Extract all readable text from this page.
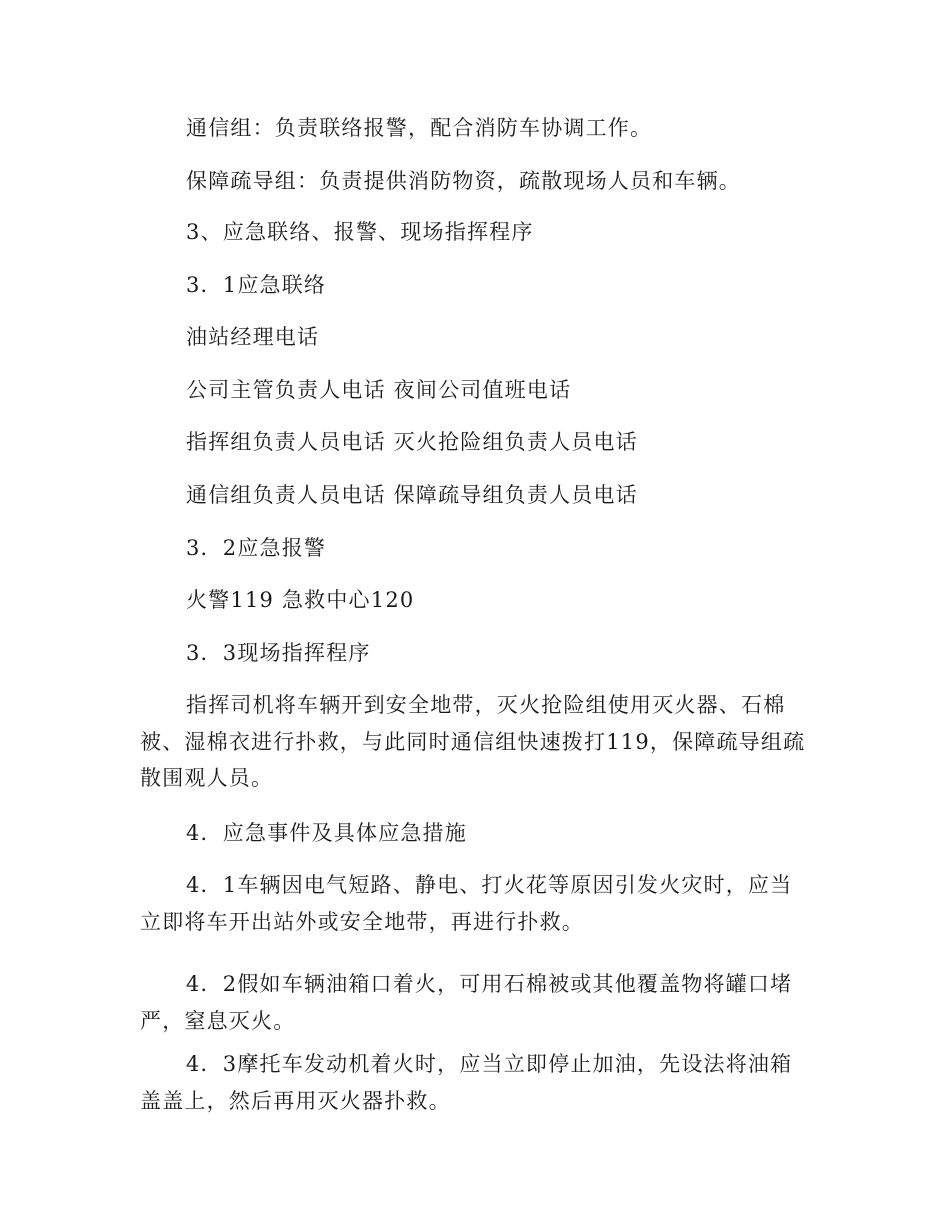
通信组：负责联络报警，配合消防车协调工作。
保障疏导组：负责提供消防物资，疏散现场人员和车辆。
3、应急联络、报警、现场指挥程序
3．1应急联络
油站经理电话
公司主管负责人电话 夜间公司值班电话
指挥组负责人员电话 灭火抢险组负责人员电话
通信组负责人员电话 保障疏导组负责人员电话
3．2应急报警
火警119 急救中心120
3．3现场指挥程序
指挥司机将车辆开到安全地带，灭火抢险组使用灭火器、石棉被、湿棉衣进行扑救，与此同时通信组快速拨打119，保障疏导组疏散围观人员。
4．应急事件及具体应急措施
4．1车辆因电气短路、静电、打火花等原因引发火灾时，应当立即将车开出站外或安全地带，再进行扑救。
4．2假如车辆油箱口着火，可用石棉被或其他覆盖物将罐口堵严，窒息灭火。
4．3摩托车发动机着火时，应当立即停止加油，先设法将油箱盖盖上，然后再用灭火器扑救。
